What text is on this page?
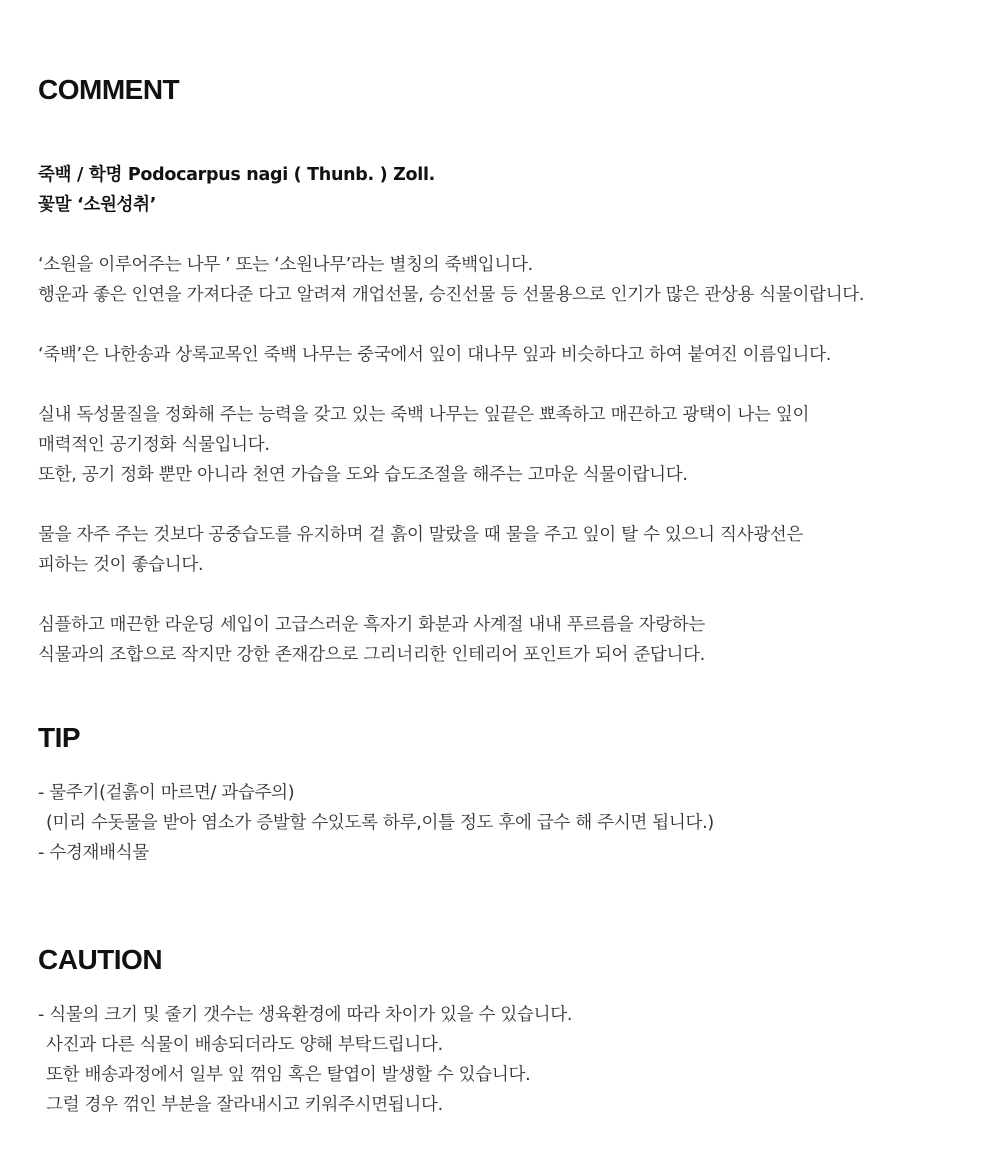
COMMENT
죽백 / 학명 Podocarpus nagi ( Thunb. ) Zoll.
꽃말 ‘소원성취’
‘소원을 이루어주는 나무 ’ 또는 ‘소원나무’라는 별칭의 죽백입니다.
행운과 좋은 인연을 가져다준 다고 알려져 개업선물, 승진선물 등 선물용으로 인기가 많은 관상용 식물이랍니다.
‘죽백’은 나한송과 상록교목인 죽백 나무는 중국에서 잎이 대나무 잎과 비슷하다고 하여 붙여진 이름입니다.
실내 독성물질을 정화해 주는 능력을 갖고 있는 죽백 나무는 잎끝은 뾰족하고 매끈하고 광택이 나는 잎이
매력적인 공기정화 식물입니다.
또한, 공기 정화 뿐만 아니라 천연 가습을 도와 습도조절을 해주는 고마운 식물이랍니다.
물을 자주 주는 것보다 공중습도를 유지하며 겉 흙이 말랐을 때 물을 주고 잎이 탈 수 있으니 직사광선은
피하는 것이 좋습니다.
심플하고 매끈한 라운딩 세입이 고급스러운 흑자기 화분과 사계절 내내 푸르름을 자랑하는
식물과의 조합으로 작지만 강한 존재감으로 그리너리한 인테리어 포인트가 되어 준답니다.
TIP
- 물주기(겉흙이 마르면/ 과습주의)
(미리 수돗물을 받아 염소가 증발할 수있도록 하루,이틀 정도 후에 급수 해 주시면 됩니다.)
- 수경재배식물
CAUTION
- 식물의 크기 및 줄기 갯수는 생육환경에 따라 차이가 있을 수 있습니다.
사진과 다른 식물이 배송되더라도 양해 부탁드립니다.
또한 배송과정에서 일부 잎 꺾임 혹은 탈엽이 발생할 수 있습니다.
그럴 경우 꺾인 부분을 잘라내시고 키워주시면됩니다.
